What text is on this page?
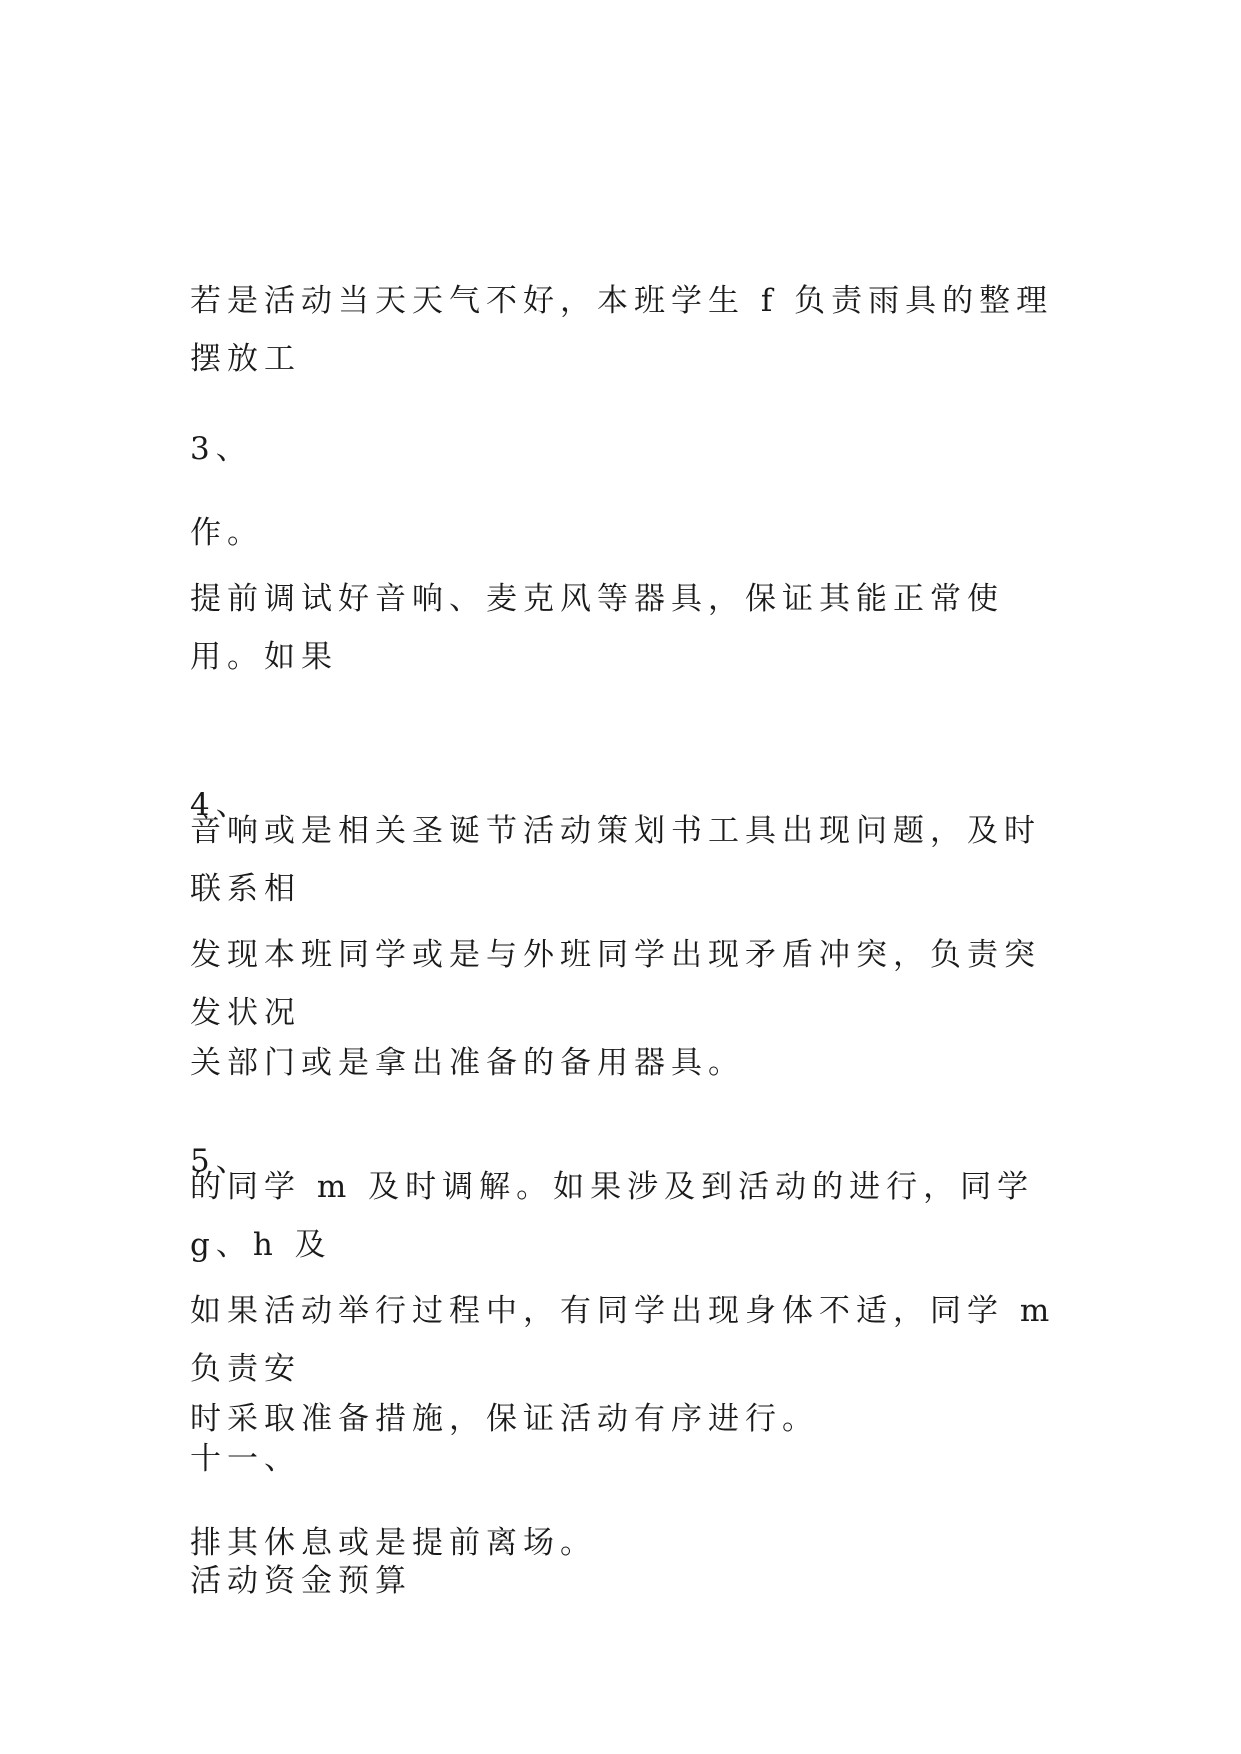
若是活动当天天气不好，本班学生 f 负责雨具的整理摆放工

作。

3、

提前调试好音响、麦克风等器具，保证其能正常使用。如果

音响或是相关圣诞节活动策划书工具出现问题，及时联系相

关部门或是拿出准备的备用器具。

4、

发现本班同学或是与外班同学出现矛盾冲突，负责突发状况

的同学 m 及时调解。如果涉及到活动的进行，同学 g、h 及

时采取准备措施，保证活动有序进行。

5、

如果活动举行过程中，有同学出现身体不适，同学 m 负责安

排其休息或是提前离场。

十一、

活动资金预算
